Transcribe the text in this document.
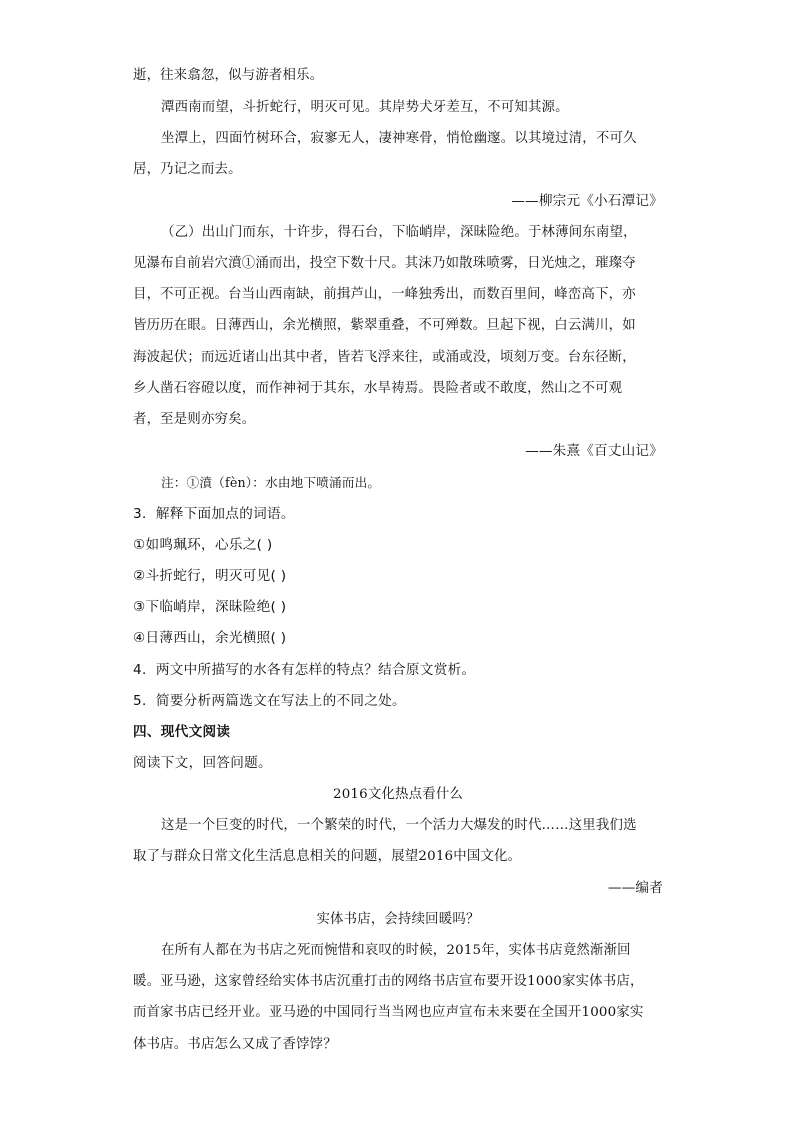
逝，往来翕忽，似与游者相乐。
潭西南而望，斗折蛇行，明灭可见。其岸势犬牙差互，不可知其源。
坐潭上，四面竹树环合，寂寥无人，凄神寒骨，悄怆幽邃。以其境过清，不可久
居，乃记之而去。
——柳宗元《小石潭记》
（乙）出山门而东，十许步，得石台，下临峭岸，深昧险绝。于林薄间东南望，
见瀑布自前岩穴濆①涌而出，投空下数十尺。其沫乃如散珠喷雾，日光烛之，璀璨夺
目，不可正视。台当山西南缺，前揖芦山，一峰独秀出，而数百里间，峰峦高下，亦
皆历历在眼。日薄西山，余光横照，紫翠重叠，不可殚数。旦起下视，白云满川，如
海波起伏；而远近诸山出其中者，皆若飞浮来往，或涌或没，顷刻万变。台东径断，
乡人凿石容磴以度，而作神祠于其东，水旱祷焉。畏险者或不敢度，然山之不可观
者，至是则亦穷矣。
——朱熹《百丈山记》
注：①濆（fèn）：水由地下喷涌而出。
3．解释下面加点的词语。
①如鸣珮环，心乐之( )
②斗折蛇行，明灭可见( )
③下临峭岸，深昧险绝( )
④日薄西山，余光横照( )
4．两文中所描写的水各有怎样的特点？结合原文赏析。
5．简要分析两篇选文在写法上的不同之处。
四、现代文阅读
阅读下文，回答问题。
2016文化热点看什么
这是一个巨变的时代，一个繁荣的时代，一个活力大爆发的时代……这里我们选
取了与群众日常文化生活息息相关的问题，展望2016中国文化。
——编者
实体书店，会持续回暖吗？
在所有人都在为书店之死而惋惜和哀叹的时候，2015年，实体书店竟然渐渐回
暖。亚马逊，这家曾经给实体书店沉重打击的网络书店宣布要开设1000家实体书店，
而首家书店已经开业。亚马逊的中国同行当当网也应声宣布未来要在全国开1000家实
体书店。书店怎么又成了香饽饽？
